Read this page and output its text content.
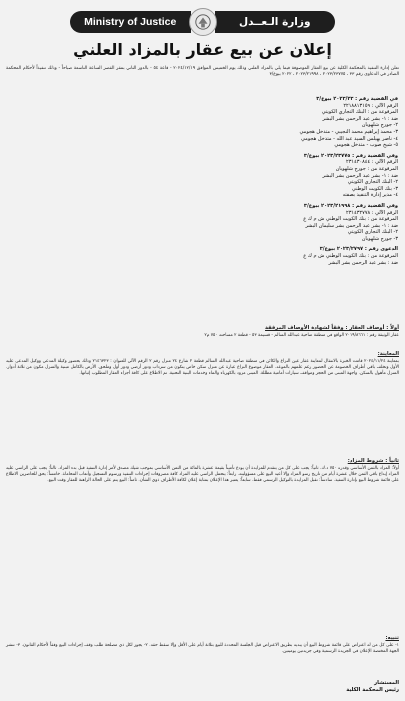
Ministry of Justice	وزارة الـعــدل
إعلان عن بيع عقار بالمزاد العلني
تعلن إدارة التنفيذ بالمحكمة الكلية عن بيع العقار الموصوفة فيما يلي بالمزاد العلني وذلك يوم الخميس الموافق ٢٠٢٤/١٢/١٩ - قاعة ٥٤ - بالدور الثاني بمقر القصر الساعة التاسعة صباحاً - وذلك تنفيذاً لأحكام المحكمة الصادر في الدعاوى رقم ٣٣ ، ٢٠٢٣/٢٣٧٧٥ ، ٢٠٢٣/٢١٩٩٨ ، ٢٠٢٢ بيوع/٣
في القضية رقم : ٢٠٢٣/٢٣ بيوع/٣
الرقم الآلي : ٢٢١٨٨١٣١٥٩
المرفوعة من : البنك التجاري الكويتي
ضد : ١- بشر عبد الرحمن بشر البشر
٢- جورج شلهوبان
٣- محمد إبراهيم محمد النجيبي - متدخل هجومي
٤- ناصر يهيلس السيد عبد الله - متدخل هجومي
٥- شيخ صوب - متدخل هجومي
وفي القضية رقم : ٢٠٢٣/٢٣٧٧٥ بيوع/٣
الرقم الآلي : ٢٣١٤٣٠٨٤٤
المرفوعة من : جورج شلهوبان
ضد : ١- بشر عبد الرحمن بشر البشر
٢- البنك التجاري الكويتي
٣- بنك الكويت الوطني
٤- مدير إدارة التنفيذ بصفته
وفي القضية رقم : ٢٠٢٣/٢١٩٩٨ بيوع/٣
الرقم الآلي : ٢٣١٤٣٢٧٧٨
المرفوعة من : بنك الكويت الوطني ش م ك ع
ضد : ١- بشر عبد الرحمن بشر سليمان البشر
٢- البنك التجاري الكويتي
٣- جورج شلهوبان
الدعوى رقم : ٢٠٢٣/٢٧٩٧ بيوع/٣
المرفوعة من : بنك الكويت الوطني ش م ك ع
ضد : بشر عبد الرحمن بشر البشر
أولاً : أوصاف العقار : وفقاً لشهادة الأوصاف المرفقة
عقار الوثيقة رقم : ٢٠١٩/٨٦٦١ الواقع في منطقة ضاحية عبدالله السالم - قسيمة ٥٣ - قطعة ٢ مساحته ٧٥٠ م٢
المعاينة:
بمعاينة ٢٠٢٤/١١/٢٤ قامت الخبرة بالانتقال لمعاينة عقار عين النزاع والكائن في منطقة ضاحية عبدالله السالم قطعة ٢ شارع ٢٤ منزل رقم ٢ الرقم الآلي للعنوان : ٢١٤٦٣٢٣ وذلك بحضور وكيلة المدعي ووكيل المدعى عليه الأول وتخلف باقي أطراف الخصومة عن الحضور رغم علمهم بالموعد. العقار موضوع النزاع عبارة عن منزل سكن خاص يتكون من سرداب ودور أرضي ودور أول وملحق. الأرض بالكامل مبنية والمنزل مكون من ثلاثة أدوار. المنزل مأهول بالسكن. واجهة المبنى من الحجر ومواقف سيارات أمامية مظللة. المبنى مزود بالكهرباء والماء وخدمات البنية التحتية. تم الاطلاع على كافة أجزاء العقار المطلوب إثباتها.
ثانياً : شروط المزاد:
أولاً: المزاد بالثمن الأساسي وقدره ٧٥٠ د.ك. ثانياً: يجب على كل من يتقدم للمزايدة أن يودع تأميناً بقيمة عشرة بالمائة من الثمن الأساسي بموجب شيك مصدق لأمر إدارة التنفيذ قبل بدء المزاد. ثالثاً: يجب على الراسي عليه المزاد إيداع باقي الثمن خلال عشرة أيام من تاريخ رسو المزاد وإلا أعيد البيع على مسؤوليته. رابعاً: يتحمل الراسي عليه المزاد كافة مصروفات إجراءات التنفيذ ورسوم التسجيل وأتعاب المحاماة. خامساً: يحق للحاضرين الاطلاع على قائمة شروط البيع بإدارة التنفيذ. سادساً: تقبل المزايدة بالتوكيل الرسمي فقط. سابعاً: يعتبر هذا الإعلان بمثابة إعلان لكافة الأطراف ذوي الشأن. ثامناً: البيع يتم على الحالة الراهنة للعقار وقت البيع.
تنبيه:
١- على كل من له اعتراض على قائمة شروط البيع أن يبديه بطريق الاعتراض قبل الجلسة المحددة للبيع بثلاثة أيام على الأقل وإلا سقط حقه. ٢- يجوز لكل ذي مصلحة طلب وقف إجراءات البيع وفقاً لأحكام القانون. ٣- تنشر الجهة المختصة الإعلان في الجريدة الرسمية وفي جريدتين يوميتين.
المستشار
رئيس المحكمة الكلية
